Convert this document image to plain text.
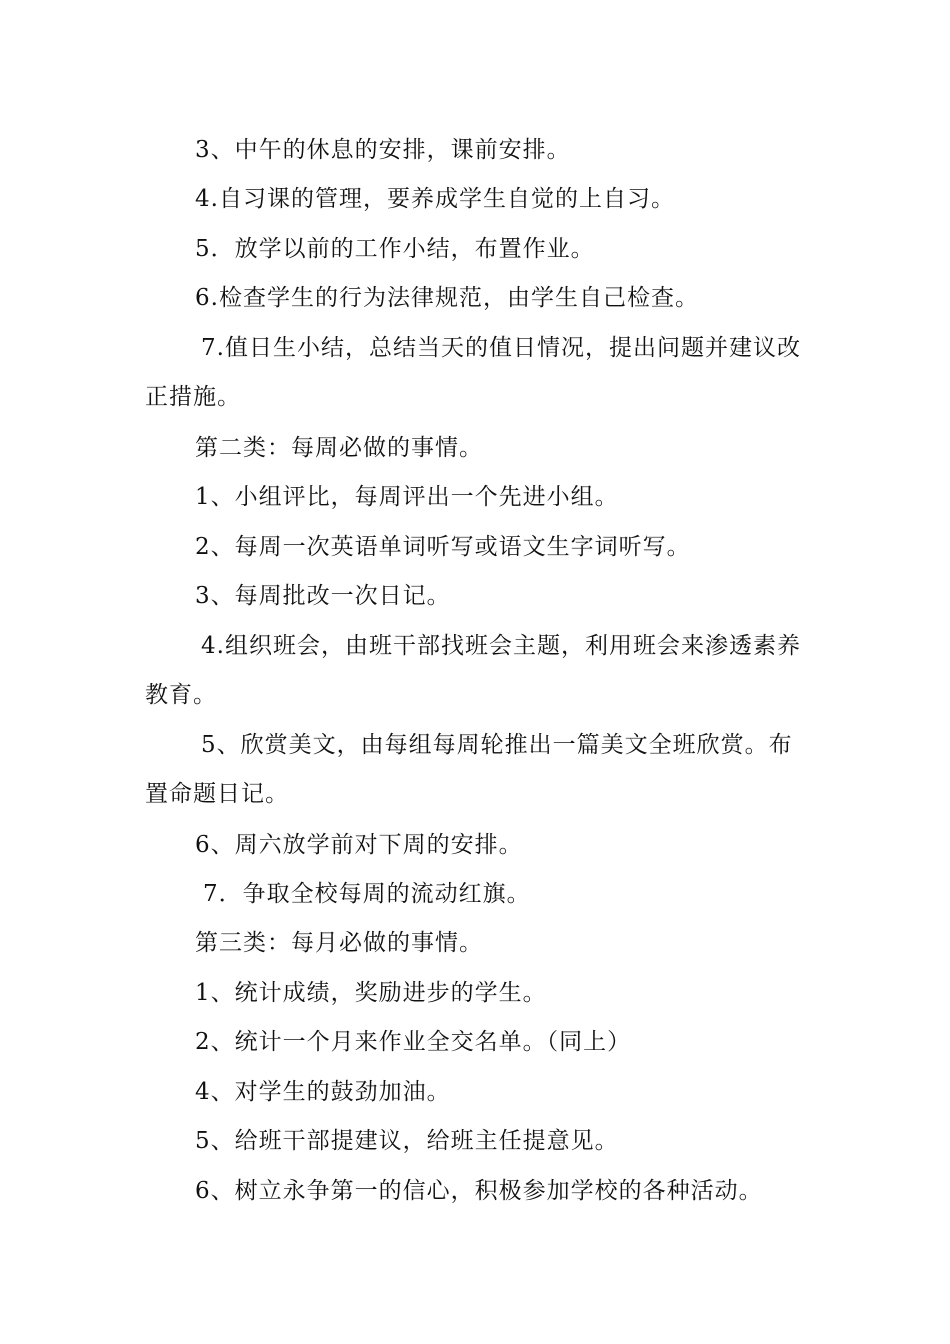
3、中午的休息的安排，课前安排。

4.自习课的管理，要养成学生自觉的上自习。

5．放学以前的工作小结，布置作业。

6.检查学生的行为法律规范，由学生自己检查。

7.值日生小结，总结当天的值日情况，提出问题并建议改正措施。

第二类：每周必做的事情。

1、小组评比，每周评出一个先进小组。

2、每周一次英语单词听写或语文生字词听写。

3、每周批改一次日记。

4.组织班会，由班干部找班会主题，利用班会来渗透素养教育。

5、欣赏美文，由每组每周轮推出一篇美文全班欣赏。布置命题日记。

6、周六放学前对下周的安排。

7．争取全校每周的流动红旗。

第三类：每月必做的事情。

1、统计成绩，奖励进步的学生。

2、统计一个月来作业全交名单。（同上）

4、对学生的鼓劲加油。

5、给班干部提建议，给班主任提意见。

6、树立永争第一的信心，积极参加学校的各种活动。
